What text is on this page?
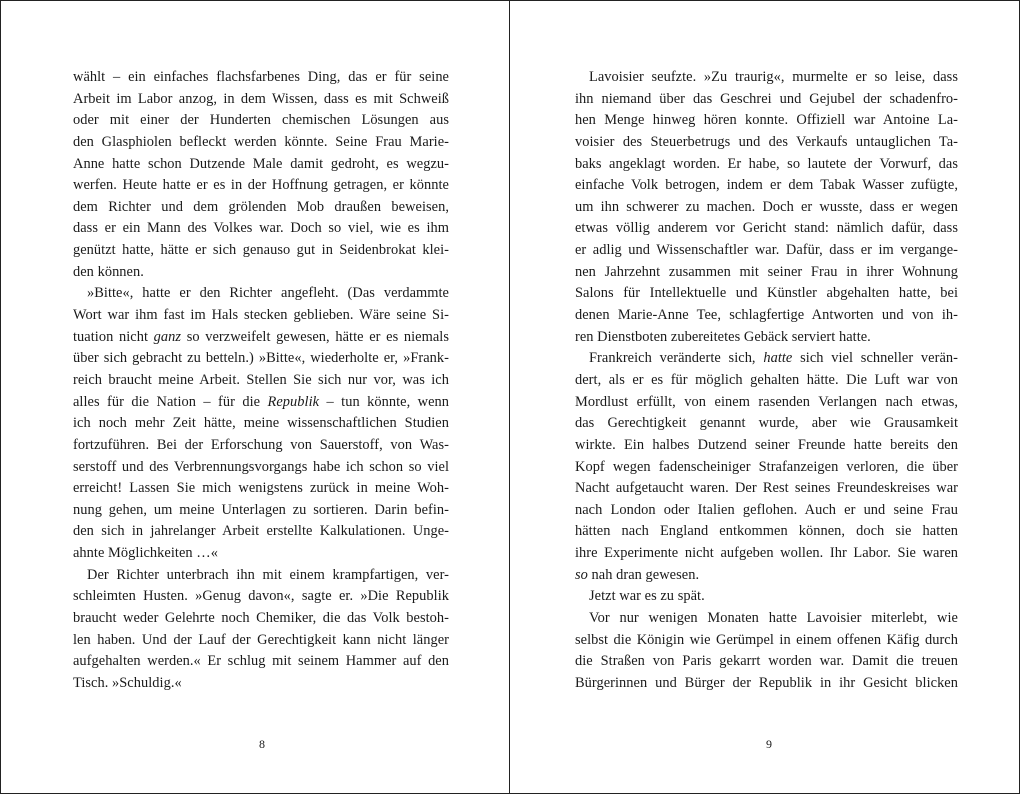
wählt – ein einfaches flachsfarbenes Ding, das er für seine
Arbeit im Labor anzog, in dem Wissen, dass es mit Schweiß
oder mit einer der Hunderten chemischen Lösungen aus
den Glasphiolen befleckt werden könnte. Seine Frau Marie-
Anne hatte schon Dutzende Male damit gedroht, es wegzu-
werfen. Heute hatte er es in der Hoffnung getragen, er könnte
dem Richter und dem grölenden Mob draußen beweisen,
dass er ein Mann des Volkes war. Doch so viel, wie es ihm
genützt hatte, hätte er sich genauso gut in Seidenbrokat klei-
den können.
»Bitte«, hatte er den Richter angefleht. (Das verdammte
Wort war ihm fast im Hals stecken geblieben. Wäre seine Si-
tuation nicht ganz so verzweifelt gewesen, hätte er es niemals
über sich gebracht zu betteln.) »Bitte«, wiederholte er, »Frank-
reich braucht meine Arbeit. Stellen Sie sich nur vor, was ich
alles für die Nation – für die Republik – tun könnte, wenn
ich noch mehr Zeit hätte, meine wissenschaftlichen Studien
fortzuführen. Bei der Erforschung von Sauerstoff, von Was-
serstoff und des Verbrennungsvorgangs habe ich schon so viel
erreicht! Lassen Sie mich wenigstens zurück in meine Woh-
nung gehen, um meine Unterlagen zu sortieren. Darin befin-
den sich in jahrelanger Arbeit erstellte Kalkulationen. Unge-
ahnte Möglichkeiten …«
Der Richter unterbrach ihn mit einem krampfartigen, ver-
schleimten Husten. »Genug davon«, sagte er. »Die Republik
braucht weder Gelehrte noch Chemiker, die das Volk bestoh-
len haben. Und der Lauf der Gerechtigkeit kann nicht länger
aufgehalten werden.« Er schlug mit seinem Hammer auf den
Tisch. »Schuldig.«
8
Lavoisier seufzte. »Zu traurig«, murmelte er so leise, dass
ihn niemand über das Geschrei und Gejubel der schadenfro-
hen Menge hinweg hören konnte. Offiziell war Antoine La-
voisier des Steuerbetrugs und des Verkaufs untauglichen Ta-
baks angeklagt worden. Er habe, so lautete der Vorwurf, das
einfache Volk betrogen, indem er dem Tabak Wasser zufügte,
um ihn schwerer zu machen. Doch er wusste, dass er wegen
etwas völlig anderem vor Gericht stand: nämlich dafür, dass
er adlig und Wissenschaftler war. Dafür, dass er im vergange-
nen Jahrzehnt zusammen mit seiner Frau in ihrer Wohnung
Salons für Intellektuelle und Künstler abgehalten hatte, bei
denen Marie-Anne Tee, schlagfertige Antworten und von ih-
ren Dienstboten zubereitetes Gebäck serviert hatte.
Frankreich veränderte sich, hatte sich viel schneller verän-
dert, als er es für möglich gehalten hätte. Die Luft war von
Mordlust erfüllt, von einem rasenden Verlangen nach etwas,
das Gerechtigkeit genannt wurde, aber wie Grausamkeit
wirkte. Ein halbes Dutzend seiner Freunde hatte bereits den
Kopf wegen fadenscheiniger Strafanzeigen verloren, die über
Nacht aufgetaucht waren. Der Rest seines Freundeskreises war
nach London oder Italien geflohen. Auch er und seine Frau
hätten nach England entkommen können, doch sie hatten
ihre Experimente nicht aufgeben wollen. Ihr Labor. Sie waren
so nah dran gewesen.
Jetzt war es zu spät.
Vor nur wenigen Monaten hatte Lavoisier miterlebt, wie
selbst die Königin wie Gerümpel in einem offenen Käfig durch
die Straßen von Paris gekarrt worden war. Damit die treuen
Bürgerinnen und Bürger der Republik in ihr Gesicht blicken
9
